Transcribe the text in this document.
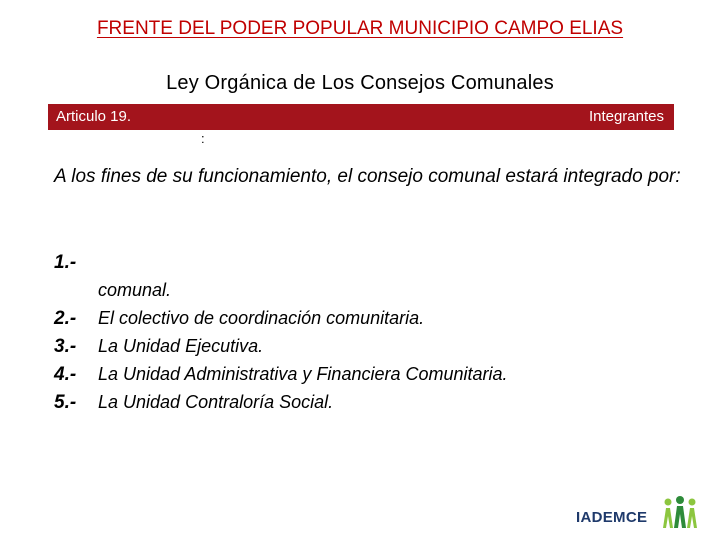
FRENTE DEL PODER POPULAR MUNICIPIO CAMPO ELIAS
Ley Orgánica de Los Consejos Comunales
Articulo 19.	Integrantes
:
A los fines de su funcionamiento, el consejo comunal estará integrado por:
1.-
comunal.
2.-	El colectivo de coordinación comunitaria.
3.-	La Unidad Ejecutiva.
4.-	La Unidad Administrativa y Financiera Comunitaria.
5.-	La Unidad Contraloría Social.
IADEMCE
